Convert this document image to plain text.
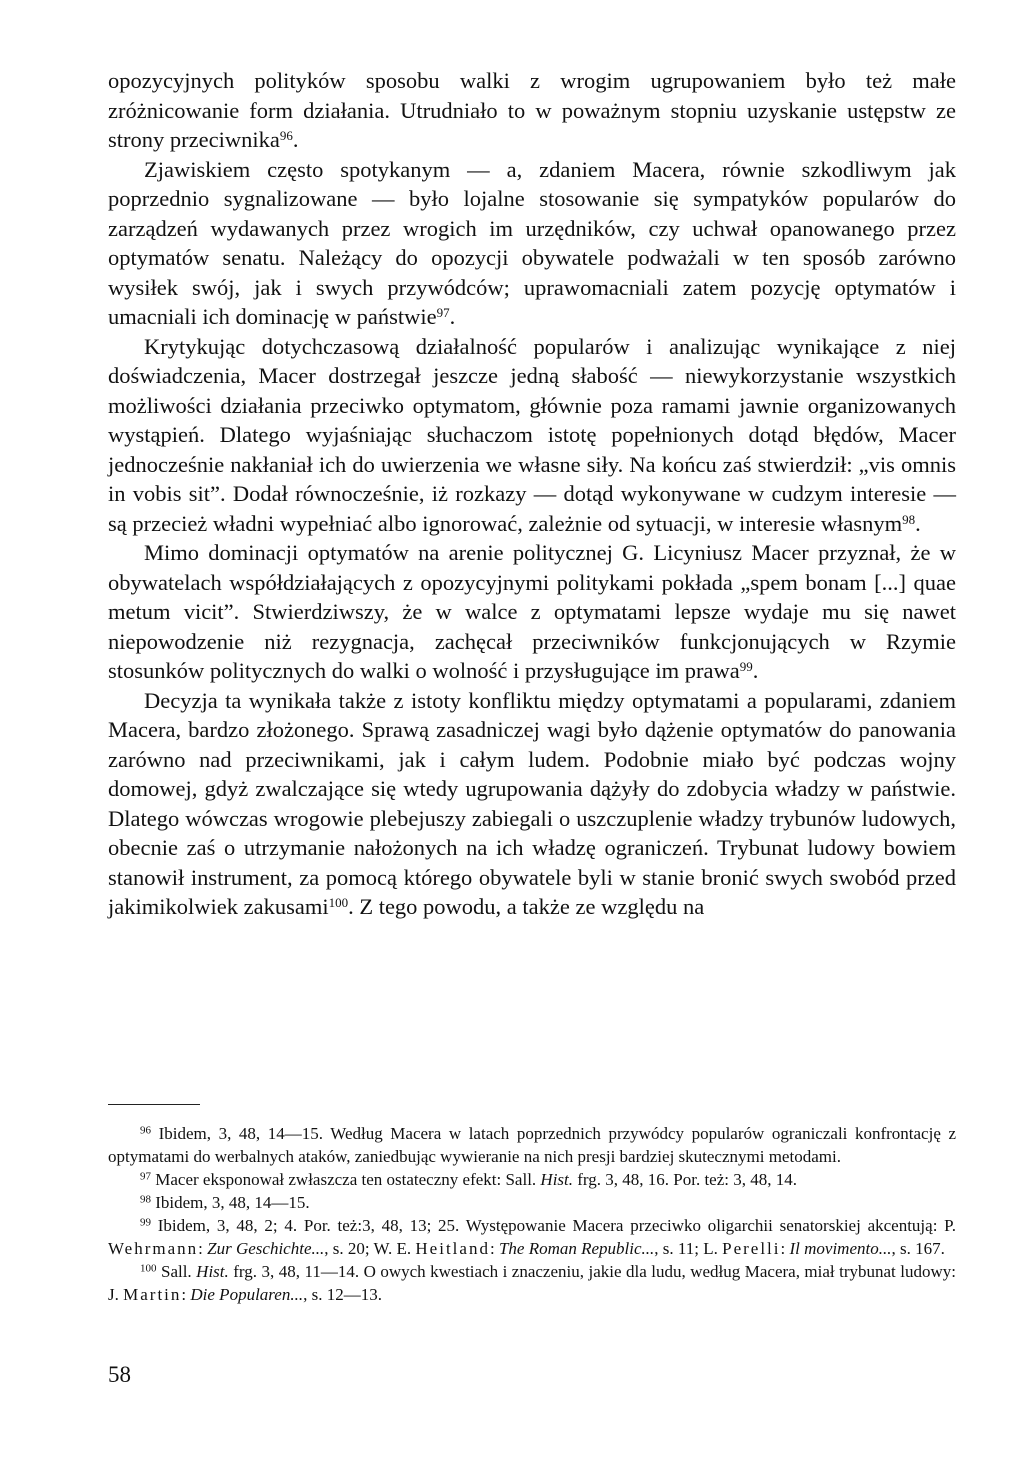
opozycyjnych polityków sposobu walki z wrogim ugrupowaniem było też małe zróżnicowanie form działania. Utrudniało to w poważnym stopniu uzyskanie ustępstw ze strony przeciwnika$^{96}$.

Zjawiskiem często spotykanym — a, zdaniem Macera, równie szkodliwym jak poprzednio sygnalizowane — było lojalne stosowanie się sympatyków popularów do zarządzeń wydawanych przez wrogich im urzędników, czy uchwał opanowanego przez optymatów senatu. Należący do opozycji obywatele podważali w ten sposób zarówno wysiłek swój, jak i swych przywódców; uprawomacniali zatem pozycję optymatów i umacniali ich dominację w państwie$^{97}$.

Krytykując dotychczasową działalność popularów i analizując wynikające z niej doświadczenia, Macer dostrzegał jeszcze jedną słabość — niewykorzystanie wszystkich możliwości działania przeciwko optymatom, głównie poza ramami jawnie organizowanych wystąpień. Dlatego wyjaśniając słuchaczom istotę popełnionych dotąd błędów, Macer jednocześnie nakłaniał ich do uwierzenia we własne siły. Na końcu zaś stwierdził: „vis omnis in vobis sit”. Dodał równocześnie, iż rozkazy — dotąd wykonywane w cudzym interesie — są przecież władni wypełniać albo ignorować, zależnie od sytuacji, w interesie własnym$^{98}$.

Mimo dominacji optymatów na arenie politycznej G. Licyniusz Macer przyznał, że w obywatelach współdziałających z opozycyjnymi politykami pokłada „spem bonam [...] quae metum vicit”. Stwierdziwszy, że w walce z optymatami lepsze wydaje mu się nawet niepowodzenie niż rezygnacja, zachęcał przeciwników funkcjonujących w Rzymie stosunków politycznych do walki o wolność i przysługujące im prawa$^{99}$.

Decyzja ta wynikała także z istoty konfliktu między optymatami a popularami, zdaniem Macera, bardzo złożonego. Sprawą zasadniczej wagi było dążenie optymatów do panowania zarówno nad przeciwnikami, jak i całym ludem. Podobnie miało być podczas wojny domowej, gdyż zwalczające się wtedy ugrupowania dążyły do zdobycia władzy w państwie. Dlatego wówczas wrogowie plebejuszy zabiegali o uszczuplenie władzy trybunów ludowych, obecnie zaś o utrzymanie nałożonych na ich władzę ograniczeń. Trybunat ludowy bowiem stanowił instrument, za pomocą którego obywatele byli w stanie bronić swych swobód przed jakimikolwiek zakusami$^{100}$. Z tego powodu, a także ze względu na

$^{96}$ Ibidem, 3, 48, 14—15. Według Macera w latach poprzednich przywódcy popularów ograniczali konfrontację z optymatami do werbalnych ataków, zaniedbując wywieranie na nich presji bardziej skutecznymi metodami.

$^{97}$ Macer eksponował zwłaszcza ten ostateczny efekt: Sall. Hist. frg. 3, 48, 16. Por. też: 3, 48, 14.

$^{98}$ Ibidem, 3, 48, 14—15.

$^{99}$ Ibidem, 3, 48, 2; 4. Por. też:3, 48, 13; 25. Występowanie Macera przeciwko oligarchii senatorskiej akcentują: P. Wehrmann: Zur Geschichte..., s. 20; W. E. Heitland: The Roman Republic..., s. 11; L. Perelli: Il movimento..., s. 167.

$^{100}$ Sall. Hist. frg. 3, 48, 11—14. O owych kwestiach i znaczeniu, jakie dla ludu, według Macera, miał trybunat ludowy: J. Martin: Die Popularen..., s. 12—13.

58
